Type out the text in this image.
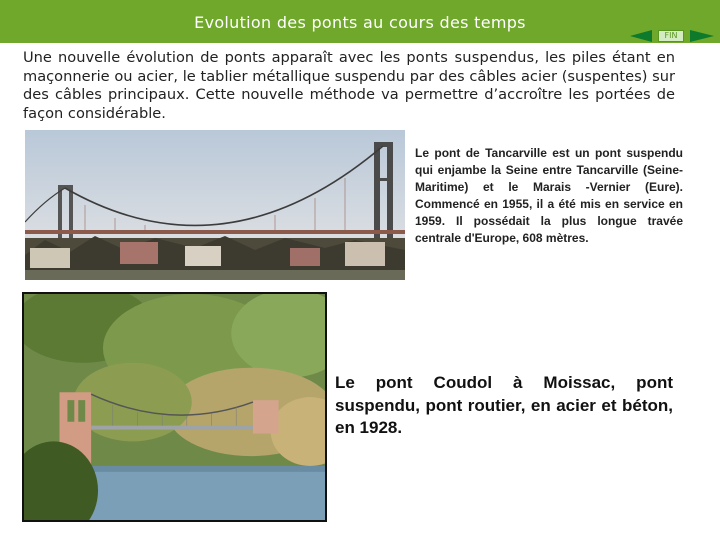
Evolution des ponts au cours des temps
FIN
Une nouvelle évolution de ponts apparaît avec les ponts suspendus, les piles étant en maçonnerie ou acier, le tablier métallique suspendu par des câbles acier (suspentes) sur des câbles principaux. Cette nouvelle méthode va permettre d’accroître les portées de façon considérable.
Le pont de Tancarville est un pont suspendu qui enjambe la Seine entre Tancarville (Seine-Maritime) et le Marais -Vernier (Eure). Commencé en 1955, il a été mis en service en 1959. Il possédait la plus longue travée centrale d'Europe, 608 mètres.
Le pont Coudol à Moissac, pont suspendu, pont routier, en acier et béton, en 1928.
